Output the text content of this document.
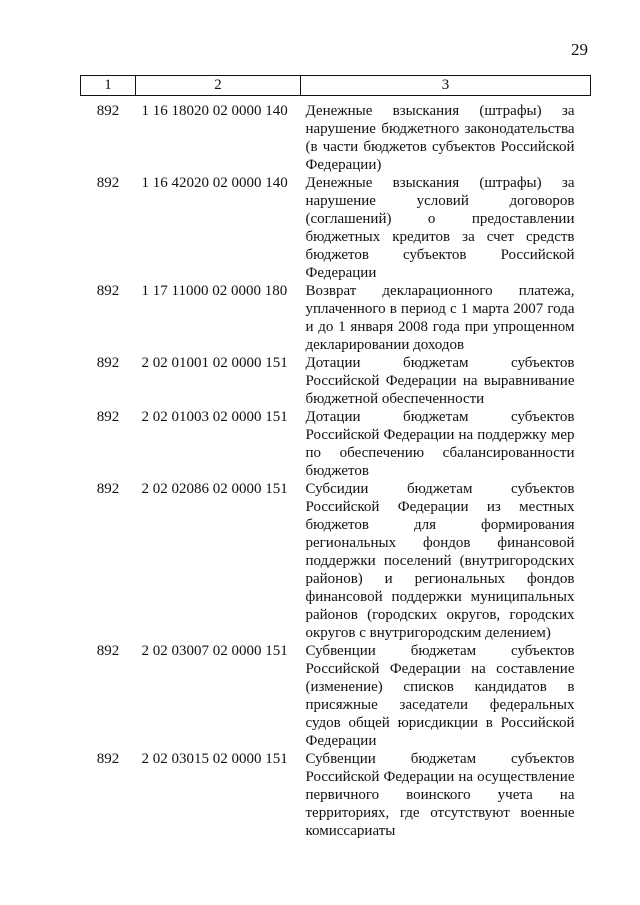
29
1	2	3
892	1 16 18020 02 0000 140	Денежные взыскания (штрафы) за нарушение бюджетного законодательства (в части бюджетов субъектов Российской Федерации)
892	1 16 42020 02 0000 140	Денежные взыскания (штрафы) за нарушение условий договоров (соглашений) о предоставлении бюджетных кредитов за счет средств бюджетов субъектов Российской Федерации
892	1 17 11000 02 0000 180	Возврат декларационного платежа, уплаченного в период с 1 марта 2007 года и до 1 января 2008 года при упрощенном декларировании доходов
892	2 02 01001 02 0000 151	Дотации бюджетам субъектов Российской Федерации на выравнивание бюджетной обеспеченности
892	2 02 01003 02 0000 151	Дотации бюджетам субъектов Российской Федерации на поддержку мер по обеспечению сбалансированности бюджетов
892	2 02 02086 02 0000 151	Субсидии бюджетам субъектов Российской Федерации из местных бюджетов для формирования региональных фондов финансовой поддержки поселений (внутригородских районов) и региональных фондов финансовой поддержки муниципальных районов (городских округов, городских округов с внутригородским делением)
892	2 02 03007 02 0000 151	Субвенции бюджетам субъектов Российской Федерации на составление (изменение) списков кандидатов в присяжные заседатели федеральных судов общей юрисдикции в Российской Федерации
892	2 02 03015 02 0000 151	Субвенции бюджетам субъектов Российской Федерации на осуществление первичного воинского учета на территориях, где отсутствуют военные комиссариаты
